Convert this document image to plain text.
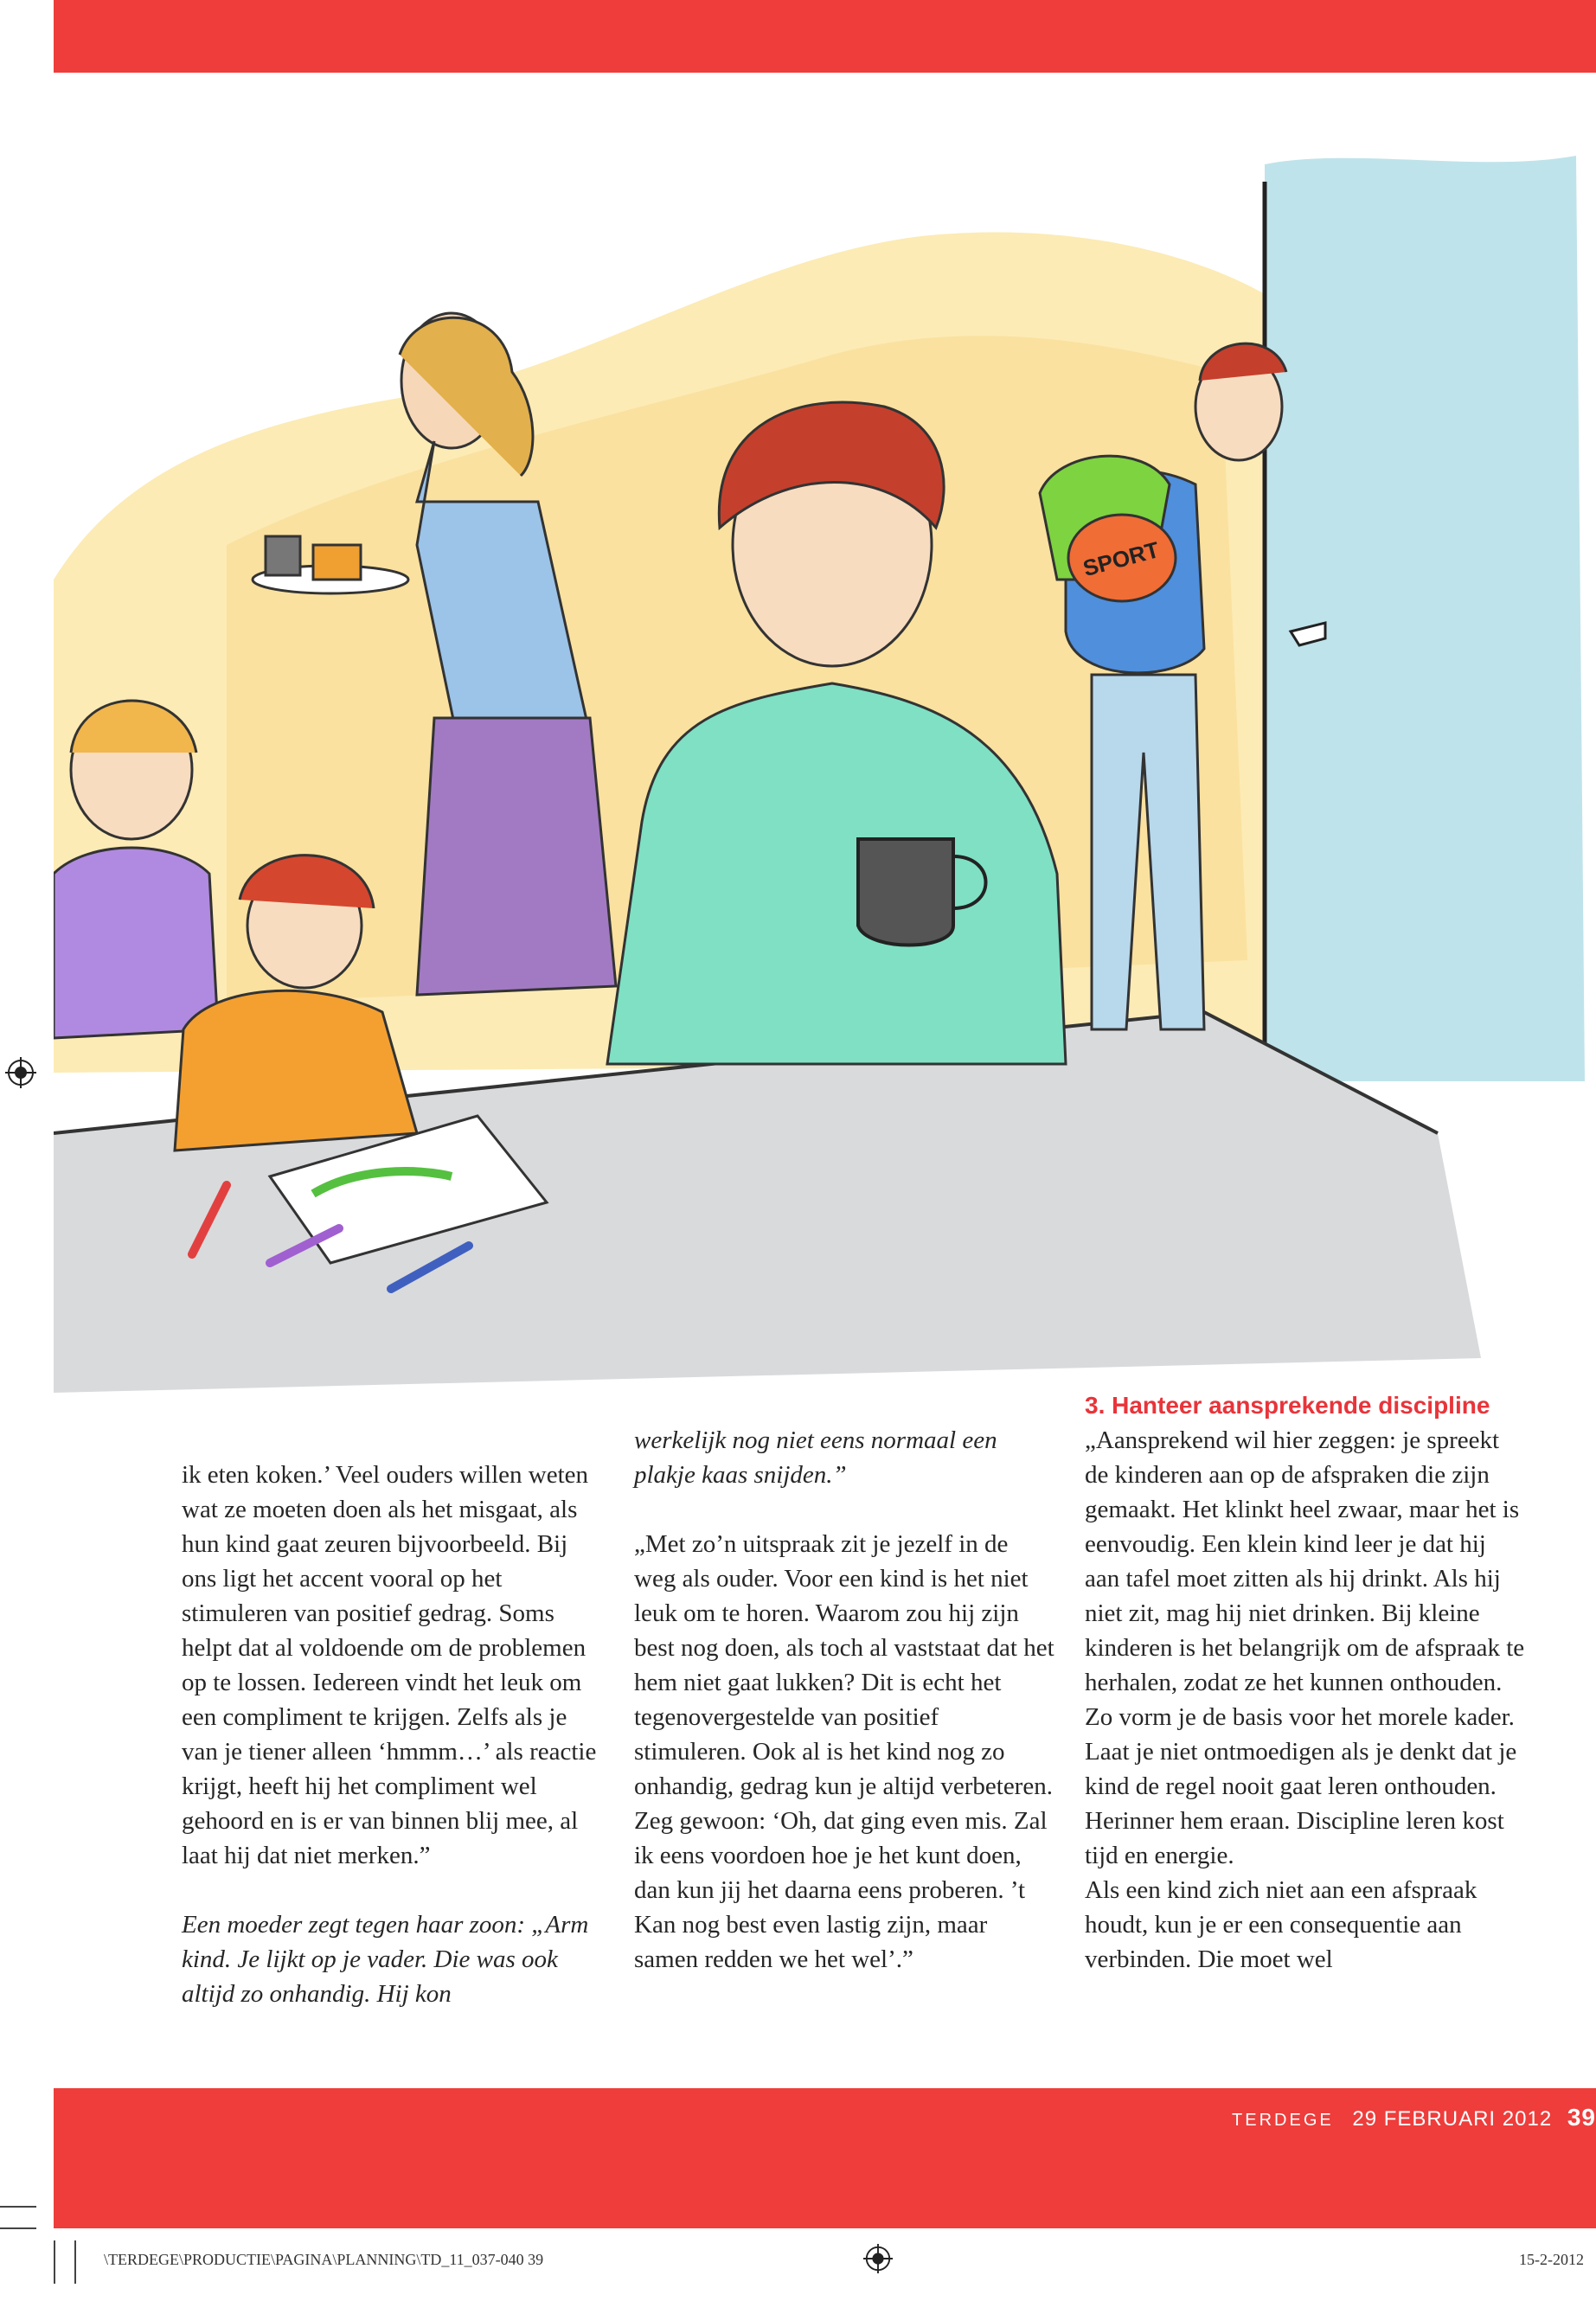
SPORT

ik eten koken.’ Veel ouders willen weten wat ze moeten doen als het misgaat, als hun kind gaat zeuren bijvoorbeeld. Bij ons ligt het accent vooral op het stimuleren van positief gedrag. Soms helpt dat al voldoende om de problemen op te lossen. Iedereen vindt het leuk om een compliment te krijgen. Zelfs als je van je tiener alleen ‘hmmm…’ als reactie krijgt, heeft hij het compliment wel gehoord en is er van binnen blij mee, al laat hij dat niet merken.”

Een moeder zegt tegen haar zoon: „Arm kind. Je lijkt op je vader. Die was ook altijd zo onhandig. Hij kon

werkelijk nog niet eens normaal een plakje kaas snijden.”

„Met zo’n uitspraak zit je jezelf in de weg als ouder. Voor een kind is het niet leuk om te horen. Waarom zou hij zijn best nog doen, als toch al vaststaat dat het hem niet gaat lukken? Dit is echt het tegenovergestelde van positief stimuleren. Ook al is het kind nog zo onhandig, gedrag kun je altijd verbeteren. Zeg gewoon: ‘Oh, dat ging even mis. Zal ik eens voordoen hoe je het kunt doen, dan kun jij het daarna eens proberen. ’t Kan nog best even lastig zijn, maar samen redden we het wel’.”

3. Hanteer aansprekende discipline

„Aansprekend wil hier zeggen: je spreekt de kinderen aan op de afspraken die zijn gemaakt. Het klinkt heel zwaar, maar het is eenvoudig. Een klein kind leer je dat hij aan tafel moet zitten als hij drinkt. Als hij niet zit, mag hij niet drinken. Bij kleine kinderen is het belangrijk om de afspraak te herhalen, zodat ze het kunnen onthouden. Zo vorm je de basis voor het morele kader. Laat je niet ontmoedigen als je denkt dat je kind de regel nooit gaat leren onthouden. Herinner hem eraan. Discipline leren kost tijd en energie.

Als een kind zich niet aan een afspraak houdt, kun je er een consequentie aan verbinden. Die moet wel

TERDEGE 29 FEBRUARI 2012 39
\TERDEGE\PRODUCTIE\PAGINA\PLANNING\TD_11_037-040 39	15-2-2012
